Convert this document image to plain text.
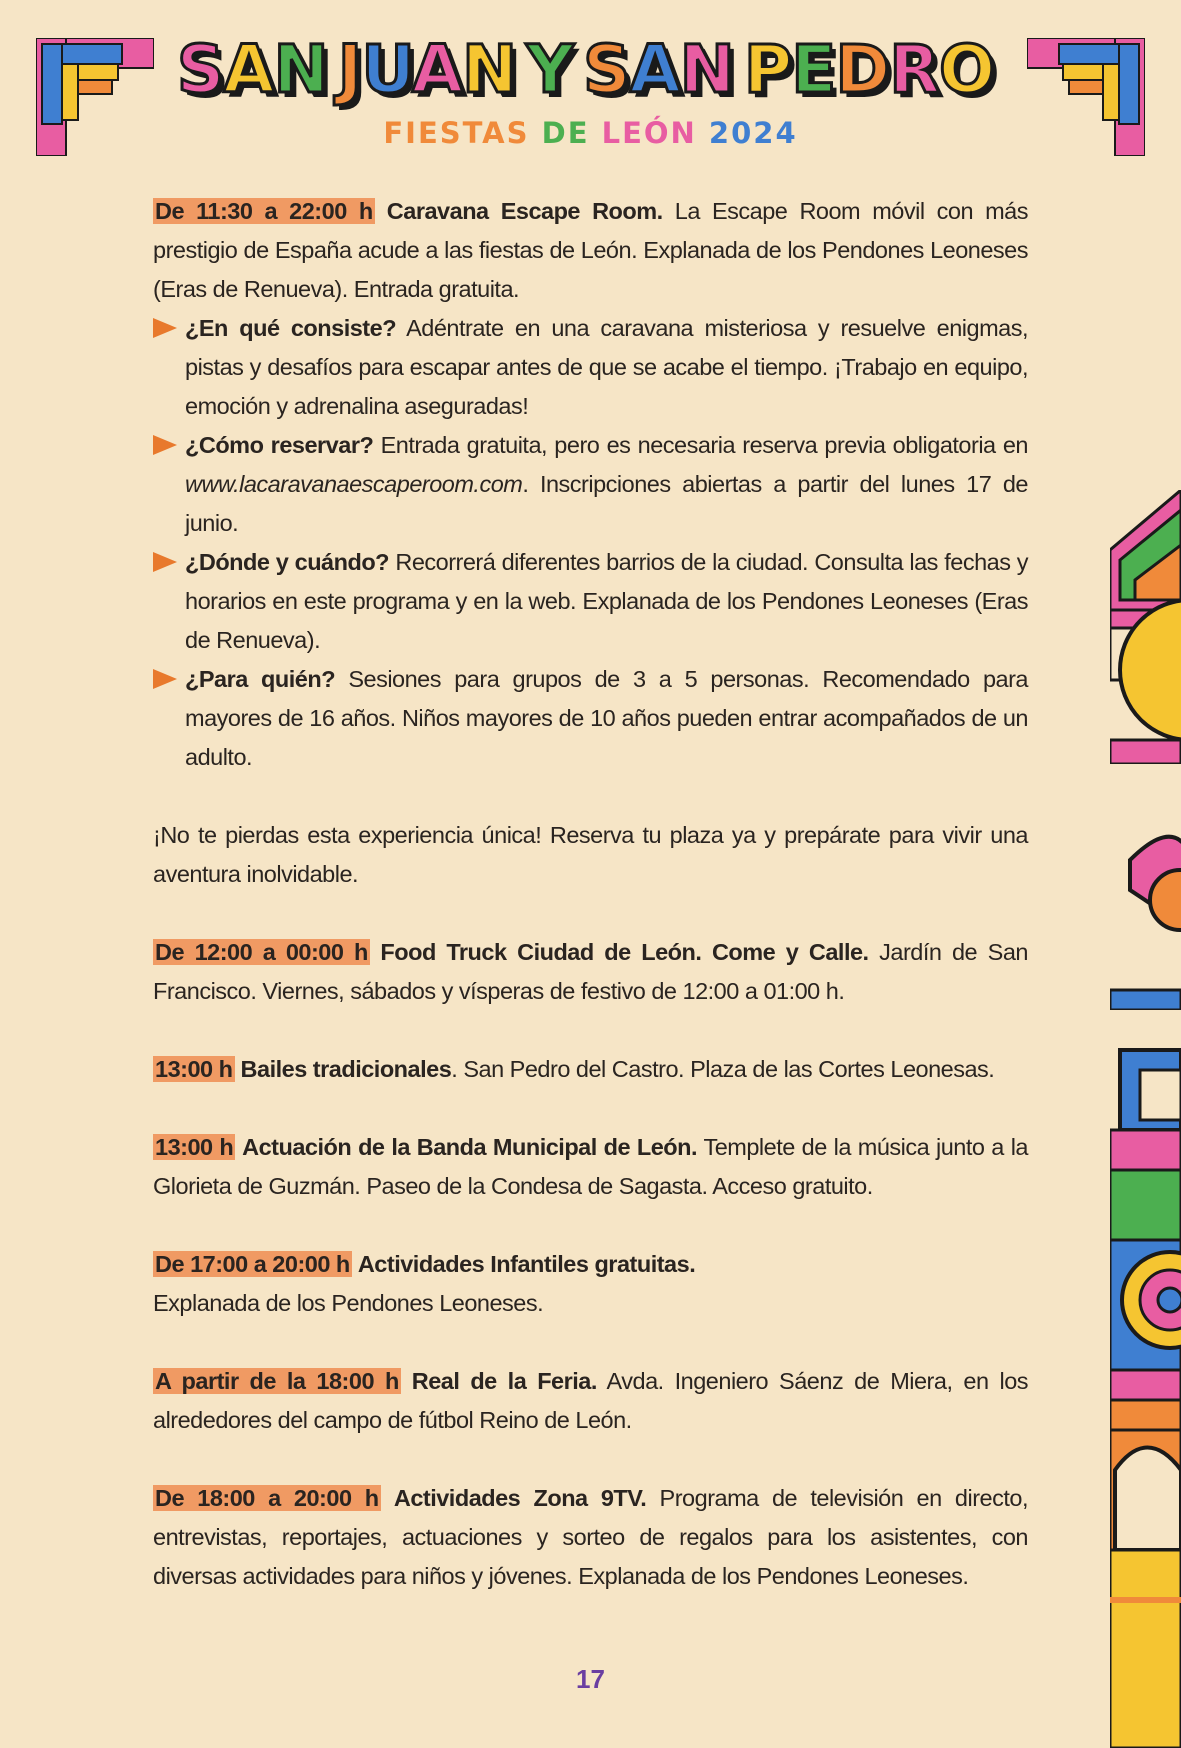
SAN JUAN Y SAN PEDRO
FIESTAS DE LEÓN 2024

De 11:30 a 22:00 h Caravana Escape Room. La Escape Room móvil con más prestigio de España acude a las fiestas de León. Explanada de los Pendones Leoneses (Eras de Renueva). Entrada gratuita.

¿En qué consiste? Adéntrate en una caravana misteriosa y resuelve enigmas, pistas y desafíos para escapar antes de que se acabe el tiempo. ¡Trabajo en equipo, emoción y adrenalina aseguradas!
¿Cómo reservar? Entrada gratuita, pero es necesaria reserva previa obligatoria en www.lacaravanaescaperoom.com. Inscripciones abiertas a partir del lunes 17 de junio.
¿Dónde y cuándo? Recorrerá diferentes barrios de la ciudad. Consulta las fechas y horarios en este programa y en la web. Explanada de los Pendones Leoneses (Eras de Renueva).
¿Para quién? Sesiones para grupos de 3 a 5 personas. Recomendado para mayores de 16 años. Niños mayores de 10 años pueden entrar acompañados de un adulto.

¡No te pierdas esta experiencia única! Reserva tu plaza ya y prepárate para vivir una aventura inolvidable.

De 12:00 a 00:00 h Food Truck Ciudad de León. Come y Calle. Jardín de San Francisco. Viernes, sábados y vísperas de festivo de 12:00 a 01:00 h.

13:00 h Bailes tradicionales. San Pedro del Castro. Plaza de las Cortes Leonesas.

13:00 h Actuación de la Banda Municipal de León. Templete de la música junto a la Glorieta de Guzmán. Paseo de la Condesa de Sagasta. Acceso gratuito.

De 17:00 a 20:00 h Actividades Infantiles gratuitas.
Explanada de los Pendones Leoneses.

A partir de la 18:00 h Real de la Feria. Avda. Ingeniero Sáenz de Miera, en los alrededores del campo de fútbol Reino de León.

De 18:00 a 20:00 h Actividades Zona 9TV. Programa de televisión en directo, entrevistas, reportajes, actuaciones y sorteo de regalos para los asistentes, con diversas actividades para niños y jóvenes. Explanada de los Pendones Leoneses.

17
